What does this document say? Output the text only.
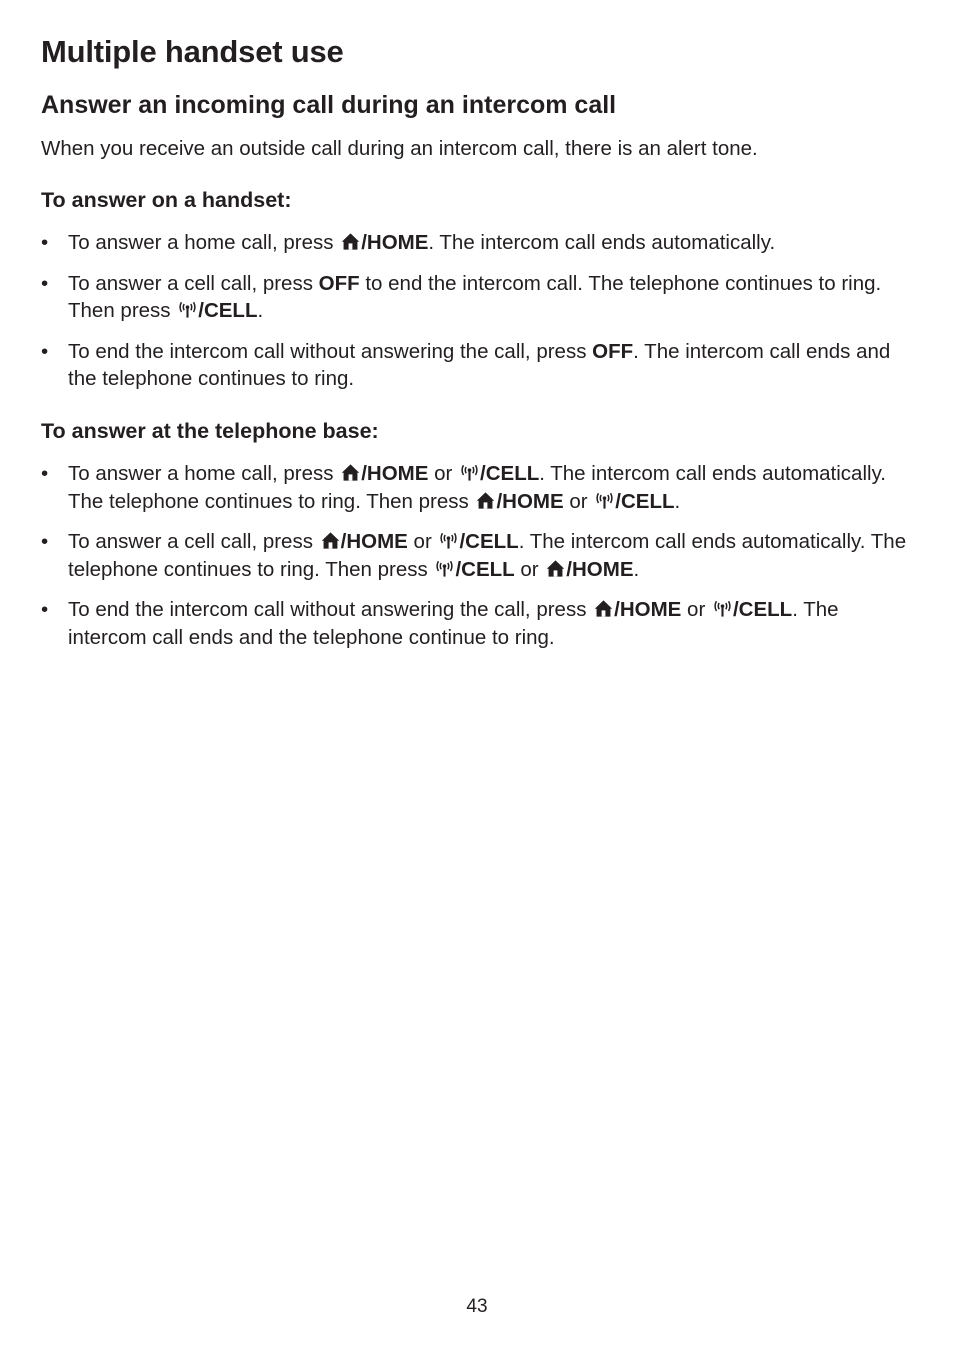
Multiple handset use
Answer an incoming call during an intercom call

When you receive an outside call during an intercom call, there is an alert tone.

To answer on a handset:
• To answer a home call, press
/HOME. The intercom call ends automatically.
• To answer a cell call, press OFF to end the intercom call. The telephone continues to ring. Then press
/CELL.
• To end the intercom call without answering the call, press OFF. The intercom call ends and the telephone continues to ring.
To answer at the telephone base:
• To answer a home call, press
/HOME or
/CELL. The intercom call ends automatically. The telephone continues to ring. Then press
/HOME or
/CELL.
• To answer a cell call, press
/HOME or
/CELL. The intercom call ends automatically. The telephone continues to ring. Then press
/CELL or
/HOME.
• To end the intercom call without answering the call, press
/HOME or
/CELL. The intercom call ends and the telephone continue to ring.
43
